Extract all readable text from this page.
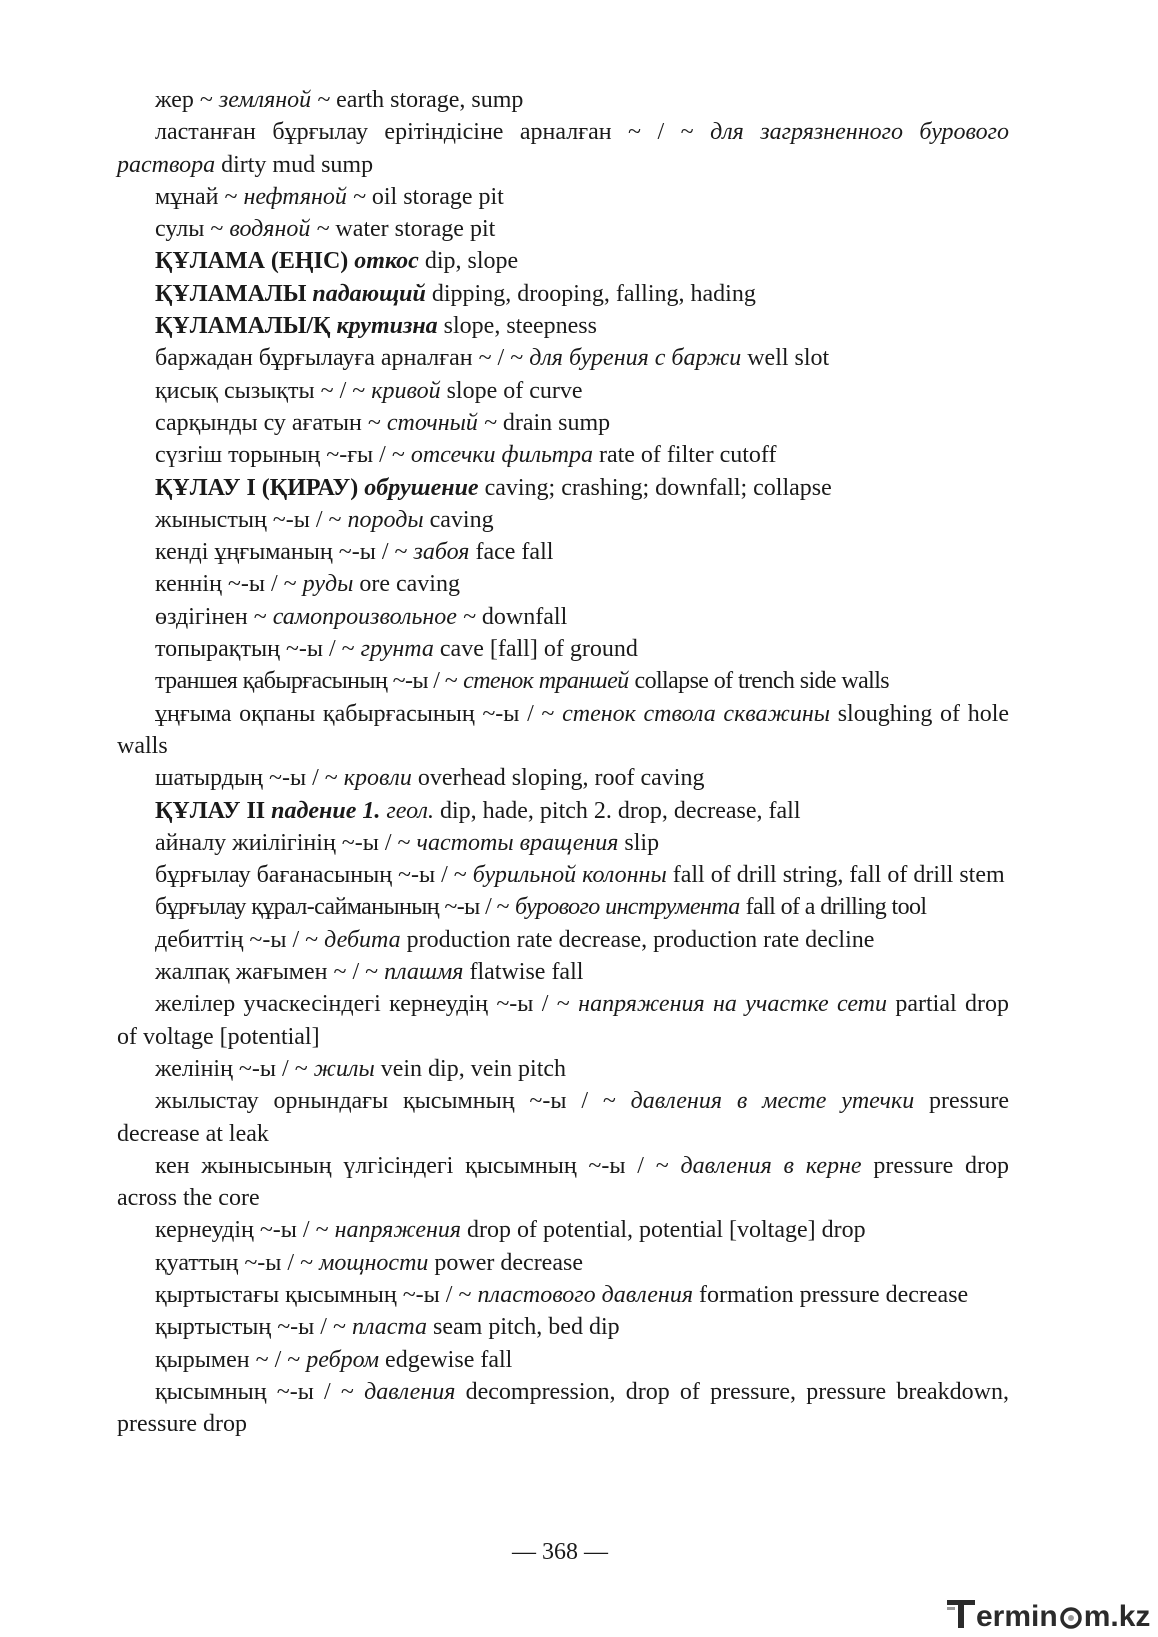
жер ~ земляной ~ earth storage, sump

ластанған бұрғылау ерітіндісіне арналған ~ / ~ для загрязненного бурового раствора dirty mud sump

мұнай ~ нефтяной ~ oil storage pit

сулы ~ водяной ~ water storage pit

ҚҰЛАМА (ЕҢІС) откос dip, slope

ҚҰЛАМАЛЫ падающий dipping, drooping, falling, hading

ҚҰЛАМАЛЫ/Қ крутизна slope, steepness

баржадан бұрғылауға арналған ~ / ~ для бурения с баржи well slot

қисық сызықты ~ / ~ кривой slope of curve

сарқынды су ағатын ~ сточный ~ drain sump

сүзгіш торының ~-ғы / ~ отсечки фильтра rate of filter cutoff

ҚҰЛАУ I (ҚИРАУ) обрушение caving; crashing; downfall; collapse

жыныстың ~-ы / ~ породы caving

кенді ұңғыманың ~-ы / ~ забоя face fall

кеннің ~-ы / ~ руды ore caving

өздігінен ~ самопроизвольное ~ downfall

топырақтың ~-ы / ~ грунта cave [fall] of ground

траншея қабырғасының ~-ы / ~ стенок траншей collapse of trench side walls

ұңғыма оқпаны қабырғасының ~-ы / ~ стенок ствола скважины sloughing of hole walls

шатырдың ~-ы / ~ кровли overhead sloping, roof caving

ҚҰЛАУ II падение 1. геол. dip, hade, pitch 2. drop, decrease, fall

айналу жиілігінің ~-ы / ~ частоты вращения slip

бұрғылау бағанасының ~-ы / ~ бурильной колонны fall of drill string, fall of drill stem

бұрғылау құрал-сайманының ~-ы / ~ бурового инструмента fall of a drilling tool

дебиттің ~-ы / ~ дебита production rate decrease, production rate decline

жалпақ жағымен ~ / ~ плашмя flatwise fall

желілер учаскесіндегі кернеудің ~-ы / ~ напряжения на участке сети partial drop of voltage [potential]

желінің ~-ы / ~ жилы vein dip, vein pitch

жылыстау орнындағы қысымның ~-ы / ~ давления в месте утечки pressure decrease at leak

кен жынысының үлгісіндегі қысымның ~-ы / ~ давления в керне pressure drop across the core

кернеудің ~-ы / ~ напряжения drop of potential, potential [voltage] drop

қуаттың ~-ы / ~ мощности power decrease

қыртыстағы қысымның ~-ы / ~ пластового давления formation pressure decrease

қыртыстың ~-ы / ~ пласта seam pitch, bed dip

қырымен ~ / ~ ребром edgewise fall

қысымның ~-ы / ~ давления decompression, drop of pressure, pressure breakdown, pressure drop

— 368 —
ermin m.kz
